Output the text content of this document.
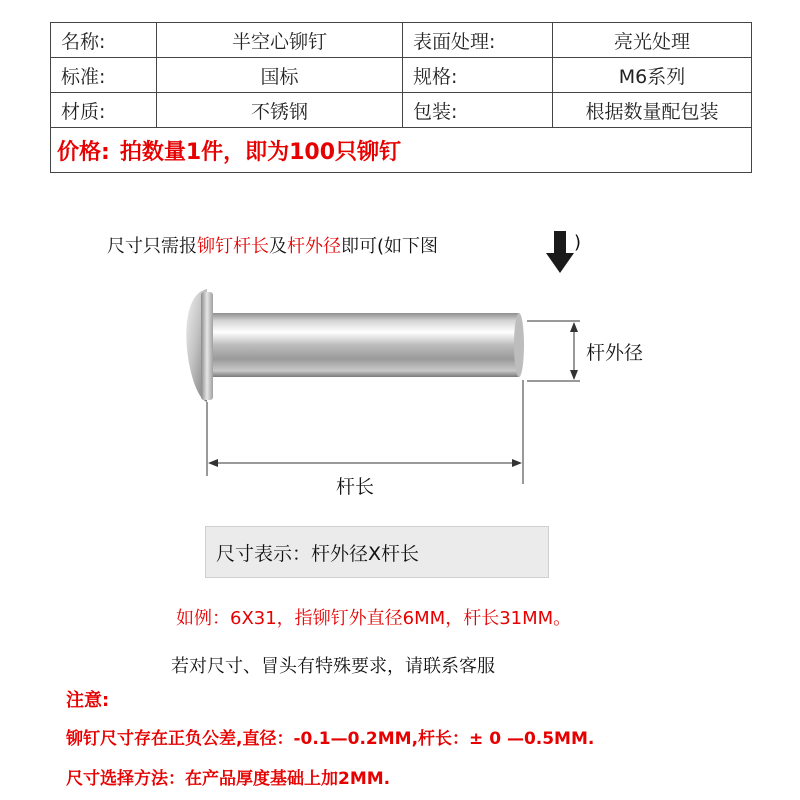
名称:	半空心铆钉	表面处理:	亮光处理
标准:	国标	规格:	M6系列
材质:	不锈钢	包装:	根据数量配包装
价格: 拍数量1件，即为100只铆钉			
尺寸只需报铆钉杆长及杆外径即可(如下图	)
杆外径
杆长
尺寸表示：杆外径X杆长
如例：6X31，指铆钉外直径6MM，杆长31MM。
若对尺寸、冒头有特殊要求，请联系客服
注意:
铆钉尺寸存在正负公差,直径：-0.1—0.2MM,杆长：± 0 —0.5MM.
尺寸选择方法：在产品厚度基础上加2MM.
